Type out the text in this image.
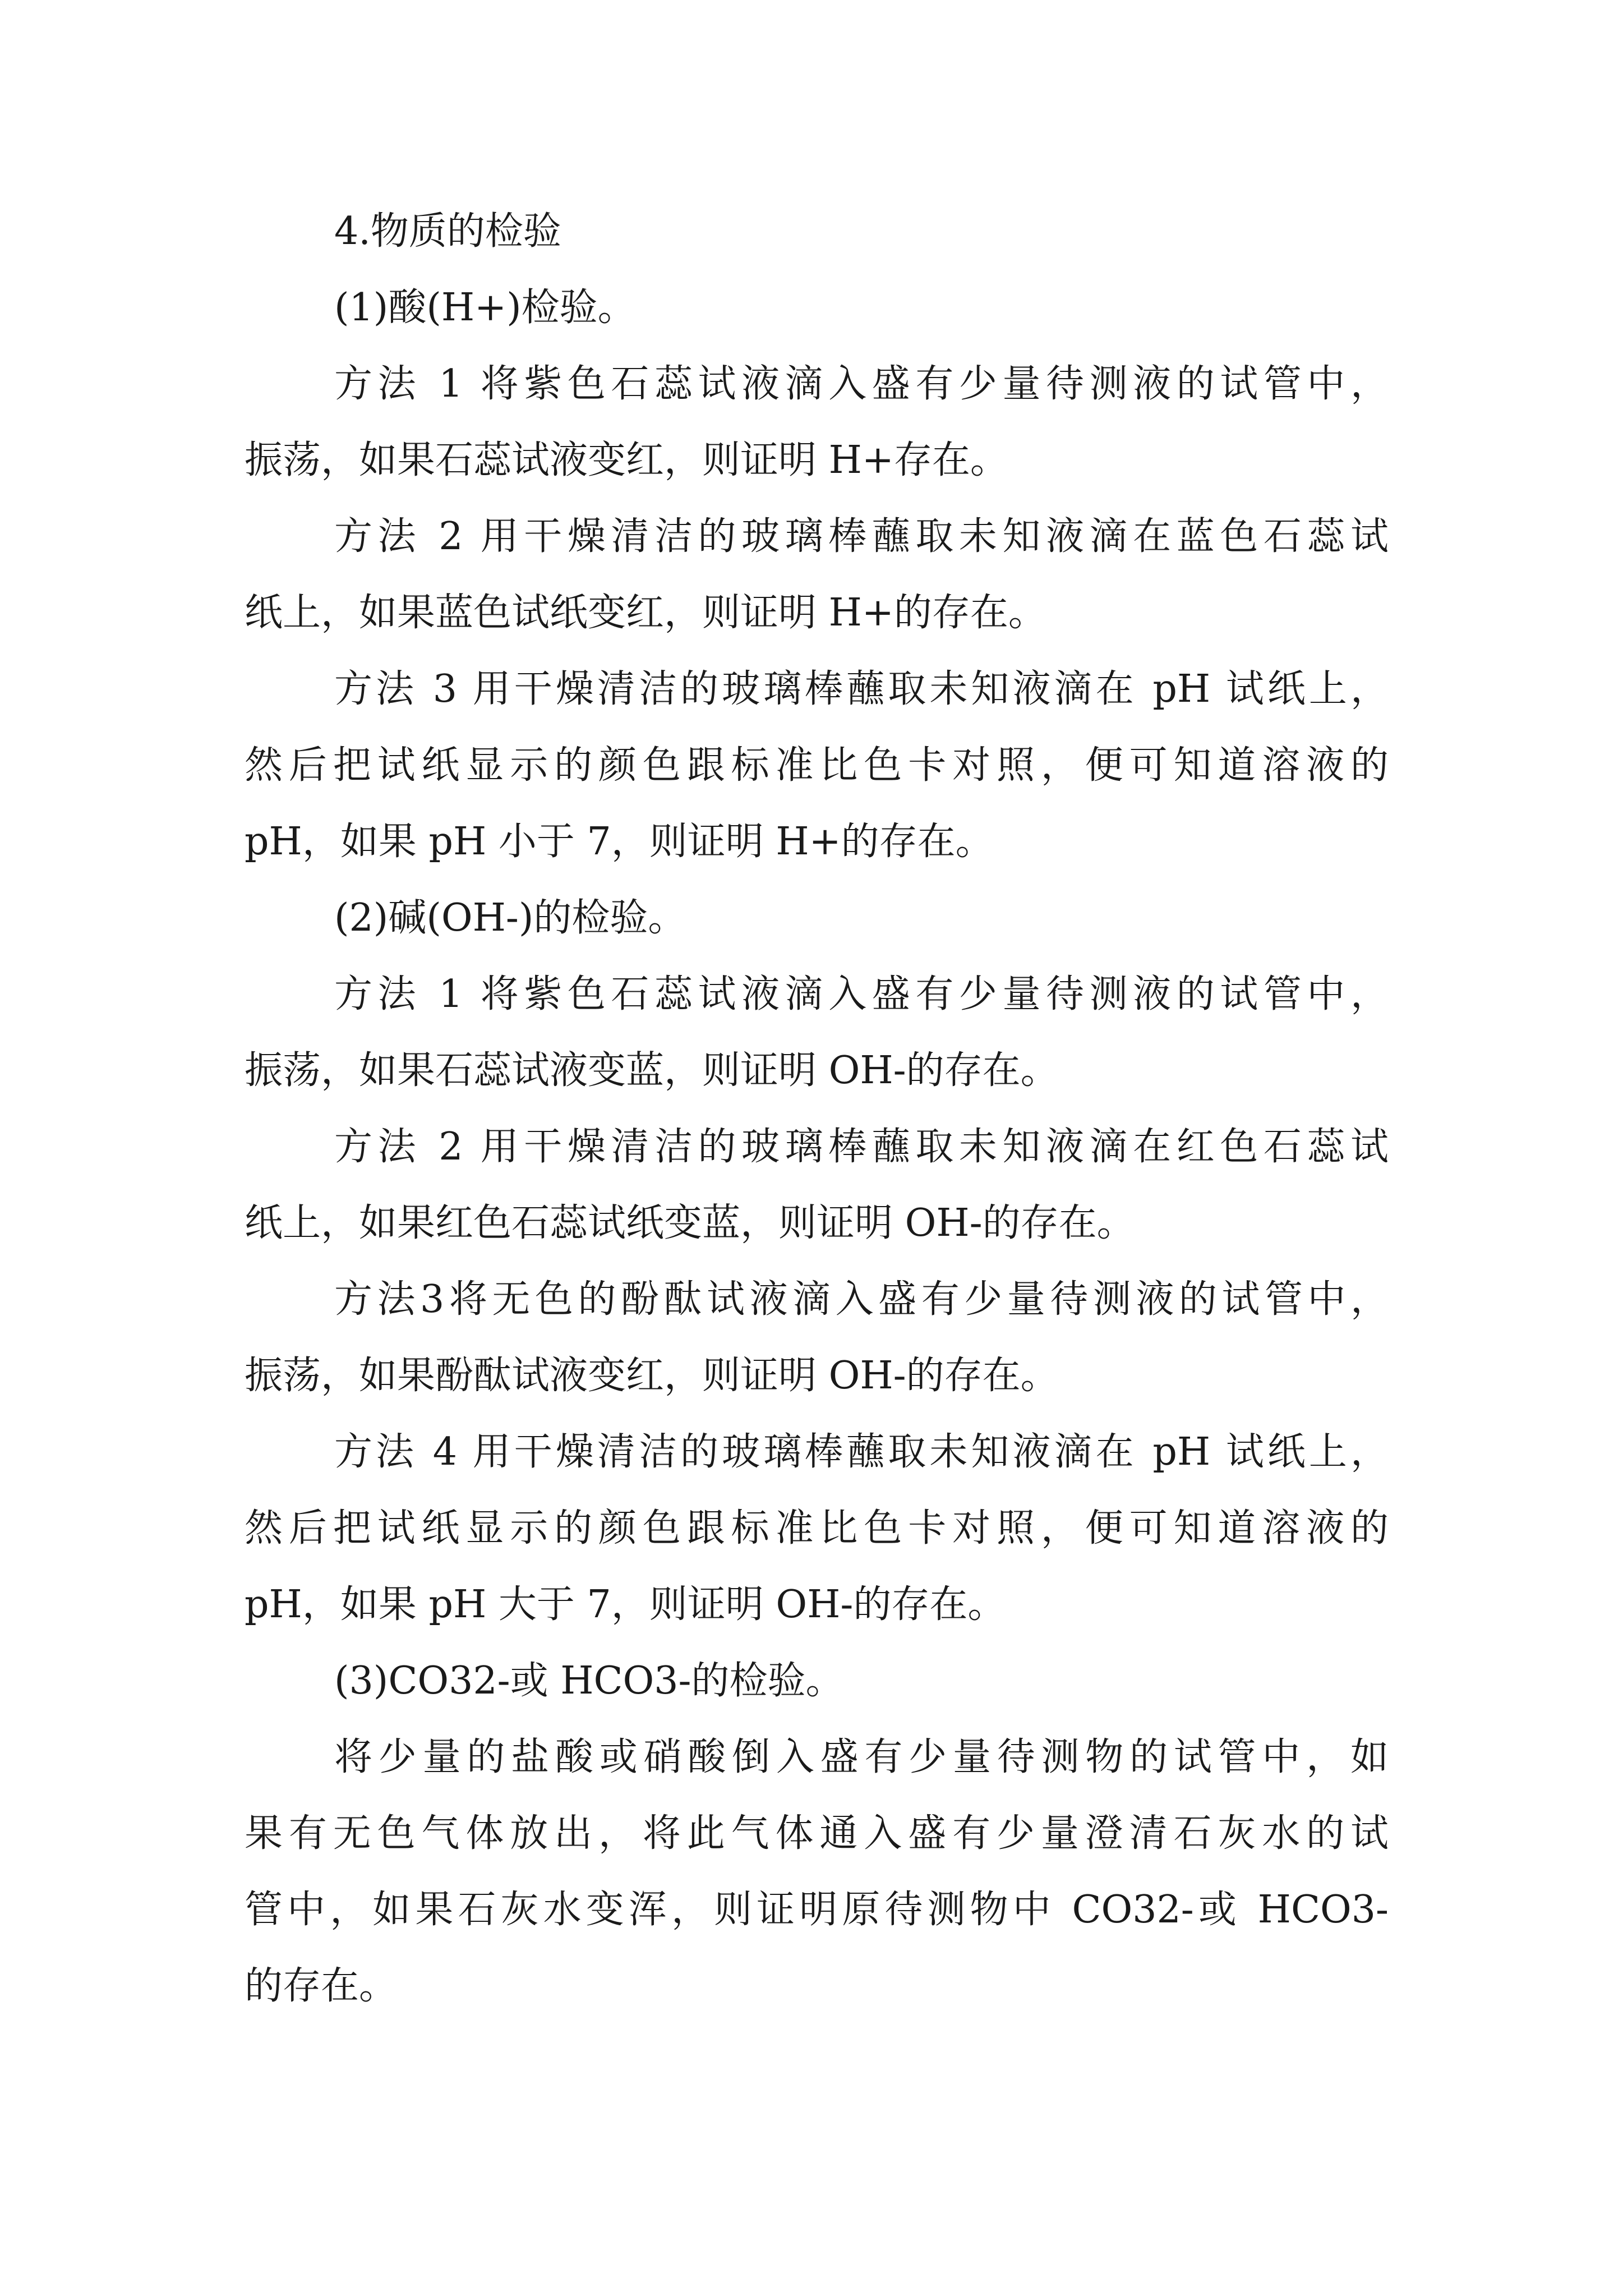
4.物质的检验
(1)酸(H+)检验。
方法 1 将紫色石蕊试液滴入盛有少量待测液的试管中，
振荡，如果石蕊试液变红，则证明 H+存在。
方法 2 用干燥清洁的玻璃棒蘸取未知液滴在蓝色石蕊试
纸上，如果蓝色试纸变红，则证明 H+的存在。
方法 3 用干燥清洁的玻璃棒蘸取未知液滴在 pH 试纸上，
然后把试纸显示的颜色跟标准比色卡对照，便可知道溶液的
pH，如果 pH 小于 7，则证明 H+的存在。
(2)碱(OH-)的检验。
方法 1 将紫色石蕊试液滴入盛有少量待测液的试管中，
振荡，如果石蕊试液变蓝，则证明 OH-的存在。
方法 2 用干燥清洁的玻璃棒蘸取未知液滴在红色石蕊试
纸上，如果红色石蕊试纸变蓝，则证明 OH-的存在。
方法3将无色的酚酞试液滴入盛有少量待测液的试管中，
振荡，如果酚酞试液变红，则证明 OH-的存在。
方法 4 用干燥清洁的玻璃棒蘸取未知液滴在 pH 试纸上，
然后把试纸显示的颜色跟标准比色卡对照，便可知道溶液的
pH，如果 pH 大于 7，则证明 OH-的存在。
(3)CO32-或 HCO3-的检验。
将少量的盐酸或硝酸倒入盛有少量待测物的试管中，如
果有无色气体放出，将此气体通入盛有少量澄清石灰水的试
管中，如果石灰水变浑，则证明原待测物中 CO32-或 HCO3-
的存在。
